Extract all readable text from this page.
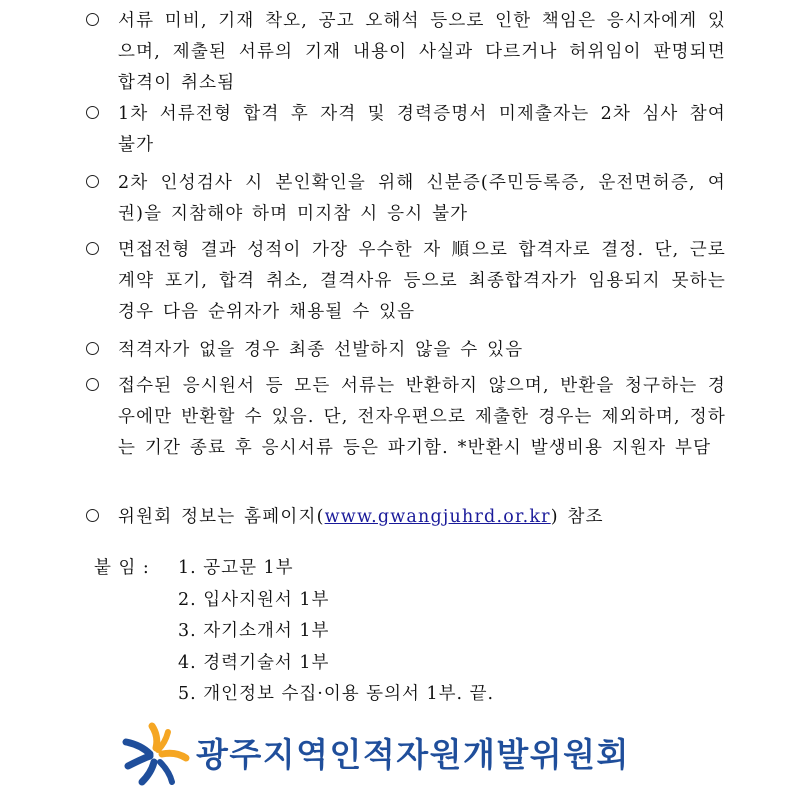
서류 미비, 기재 착오, 공고 오해석 등으로 인한 책임은 응시자에게 있으며, 제출된 서류의 기재 내용이 사실과 다르거나 허위임이 판명되면 합격이 취소됨
1차 서류전형 합격 후 자격 및 경력증명서 미제출자는 2차 심사 참여 불가
2차 인성검사 시 본인확인을 위해 신분증(주민등록증, 운전면허증, 여권)을 지참해야 하며 미지참 시 응시 불가
면접전형 결과 성적이 가장 우수한 자 順으로 합격자로 결정. 단, 근로계약 포기, 합격 취소, 결격사유 등으로 최종합격자가 임용되지 못하는 경우 다음 순위자가 채용될 수 있음
적격자가 없을 경우 최종 선발하지 않을 수 있음
접수된 응시원서 등 모든 서류는 반환하지 않으며, 반환을 청구하는 경우에만 반환할 수 있음. 단, 전자우편으로 제출한 경우는 제외하며, 정하는 기간 종료 후 응시서류 등은 파기함. *반환시 발생비용 지원자 부담
위원회 정보는 홈페이지(www.gwangjuhrd.or.kr) 참조
붙 임 :	1. 공고문 1부
2. 입사지원서 1부
3. 자기소개서 1부
4. 경력기술서 1부
5. 개인정보 수집·이용 동의서 1부. 끝.
광주지역인적자원개발위원회
